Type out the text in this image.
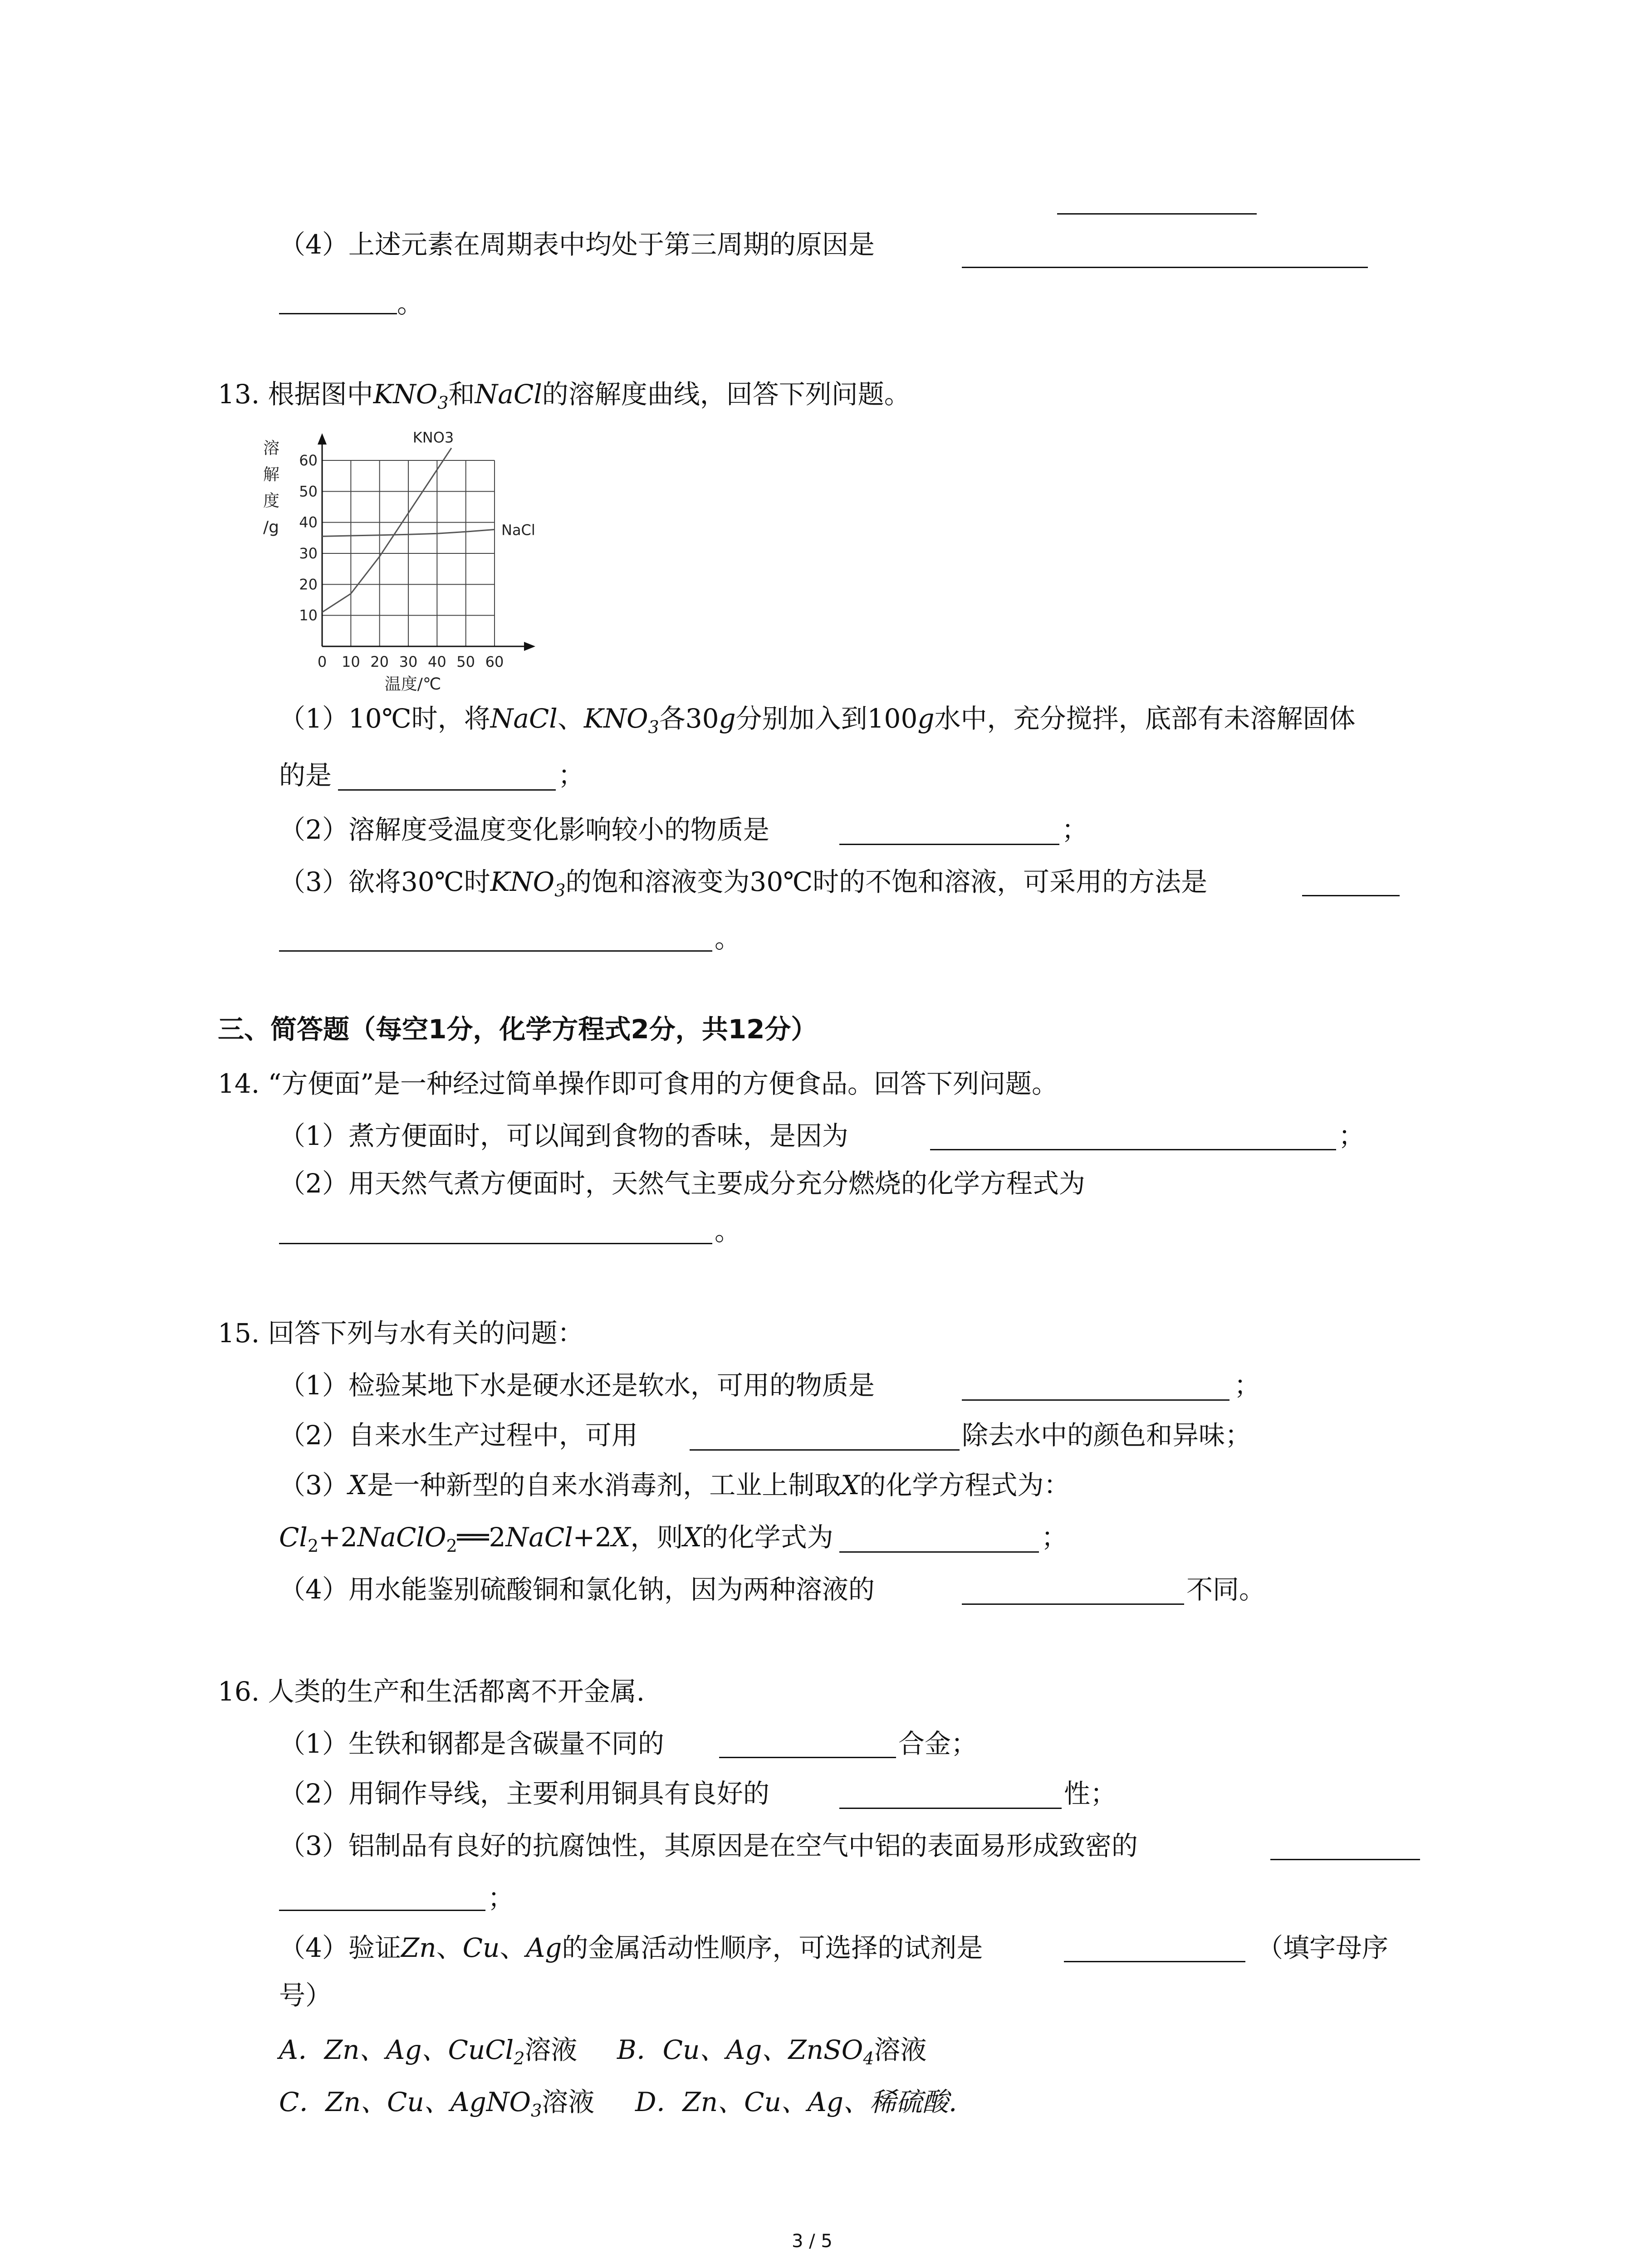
（4）上述元素在周期表中均处于第三周期的原因是
。
13. 根据图中$KNO_3$和NaCl的溶解度曲线，回答下列问题。
0 10 20 30 40 50 60
10
20
30
40
50
60
溶
解
度
/g
温度/℃
KNO3
NaCl
（1）10℃时，将NaCl、$KNO_3$各30g分别加入到100g水中，充分搅拌，底部有未溶解固体
的是	；
（2）溶解度受温度变化影响较小的物质是	；
（3）欲将30℃时$KNO_3$的饱和溶液变为30℃时的不饱和溶液，可采用的方法是
。
三、简答题（每空1分，化学方程式2分，共12分）
14. “方便面”是一种经过简单操作即可食用的方便食品。回答下列问题。
（1）煮方便面时，可以闻到食物的香味，是因为	；
（2）用天然气煮方便面时，天然气主要成分充分燃烧的化学方程式为
。
15. 回答下列与水有关的问题：
（1）检验某地下水是硬水还是软水，可用的物质是	；
（2）自来水生产过程中，可用	除去水中的颜色和异味；
（3）X是一种新型的自来水消毒剂，工业上制取X的化学方程式为：
$Cl_2+2NaClO_2══2NaCl+2X$，则X的化学式为	；
（4）用水能鉴别硫酸铜和氯化钠，因为两种溶液的	不同。
16. 人类的生产和生活都离不开金属.
（1）生铁和钢都是含碳量不同的	合金；
（2）用铜作导线，主要利用铜具有良好的	性；
（3）铝制品有良好的抗腐蚀性，其原因是在空气中铝的表面易形成致密的
；
（4）验证Zn、Cu、Ag的金属活动性顺序，可选择的试剂是	（填字母序
号）
A．Zn、Ag、CuCl$_2$溶液 B．Cu、Ag、ZnSO$_4$溶液
C．Zn、Cu、AgNO$_3$溶液 D．Zn、Cu、Ag、稀硫酸.
3 / 5
